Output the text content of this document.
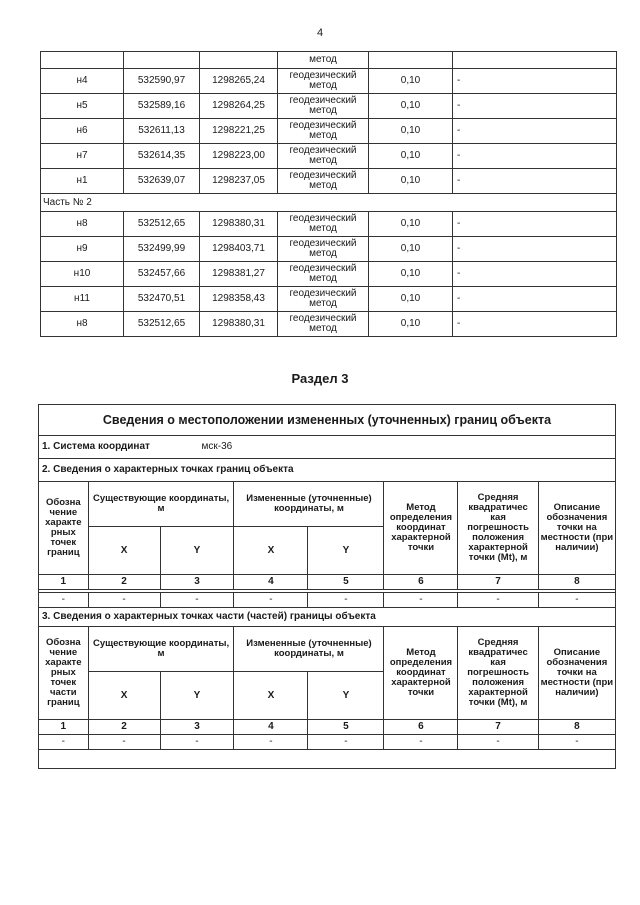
4
			метод		
н4	532590,97	1298265,24	геодезический метод	0,10	-
н5	532589,16	1298264,25	геодезический метод	0,10	-
н6	532611,13	1298221,25	геодезический метод	0,10	-
н7	532614,35	1298223,00	геодезический метод	0,10	-
н1	532639,07	1298237,05	геодезический метод	0,10	-
Часть № 2					
н8	532512,65	1298380,31	геодезический метод	0,10	-
н9	532499,99	1298403,71	геодезический метод	0,10	-
н10	532457,66	1298381,27	геодезический метод	0,10	-
н11	532470,51	1298358,43	геодезический метод	0,10	-
н8	532512,65	1298380,31	геодезический метод	0,10	-
Раздел 3
Сведения о местоположении измененных (уточненных) границ объекта							
1. Система координат мск-36							
2. Сведения о характерных точках границ объекта							
Обозна чение характе рных точек границ	Существующие координаты, м		Измененные (уточненные) координаты, м		Метод определения координат характерной точки	Средняя квадратичес кая погрешность положения характерной точки (Mt), м	Описание обозначения точки на местности (при наличии)
	X	Y	X	Y			
1	2	3	4	5	6	7	8

-	-	-	-	-	-	-	-
3. Сведения о характерных точках части (частей) границы объекта							
Обозна чение характе рных точек части границ	Существующие координаты, м		Измененные (уточненные) координаты, м		Метод определения координат характерной точки	Средняя квадратичес кая погрешность положения характерной точки (Mt), м	Описание обозначения точки на местности (при наличии)
	X	Y	X	Y			
1	2	3	4	5	6	7	8
-	-	-	-	-	-	-	-
